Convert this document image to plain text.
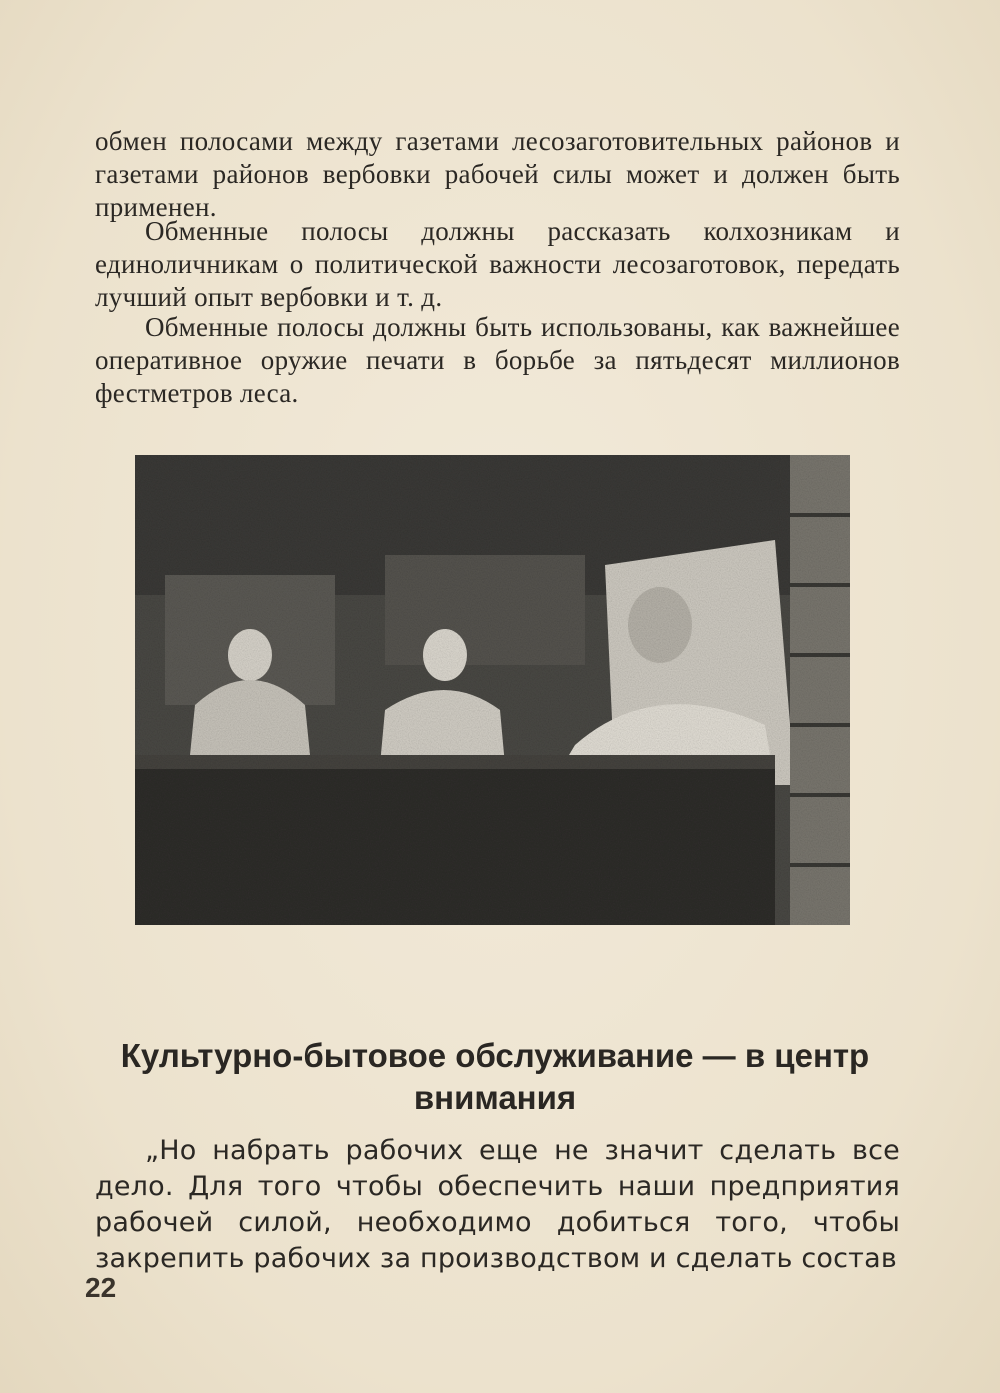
обмен полосами между газетами лесозаготовительных районов и газетами районов вербовки рабочей силы может и должен быть применен.

Обменные полосы должны рассказать колхозникам и единоличникам о политической важности лесозаготовок, передать лучший опыт вербовки и т. д.

Обменные полосы должны быть использованы, как важнейшее оперативное оружие печати в борьбе за пятьдесят миллионов фестметров леса.

Культурно-бытовое обслуживание — в центр внимания

„Но набрать рабочих еще не значит сделать все дело. Для того чтобы обеспечить наши предприятия рабочей силой, необходимо добиться того, чтобы закрепить рабочих за производством и сделать состав

22
